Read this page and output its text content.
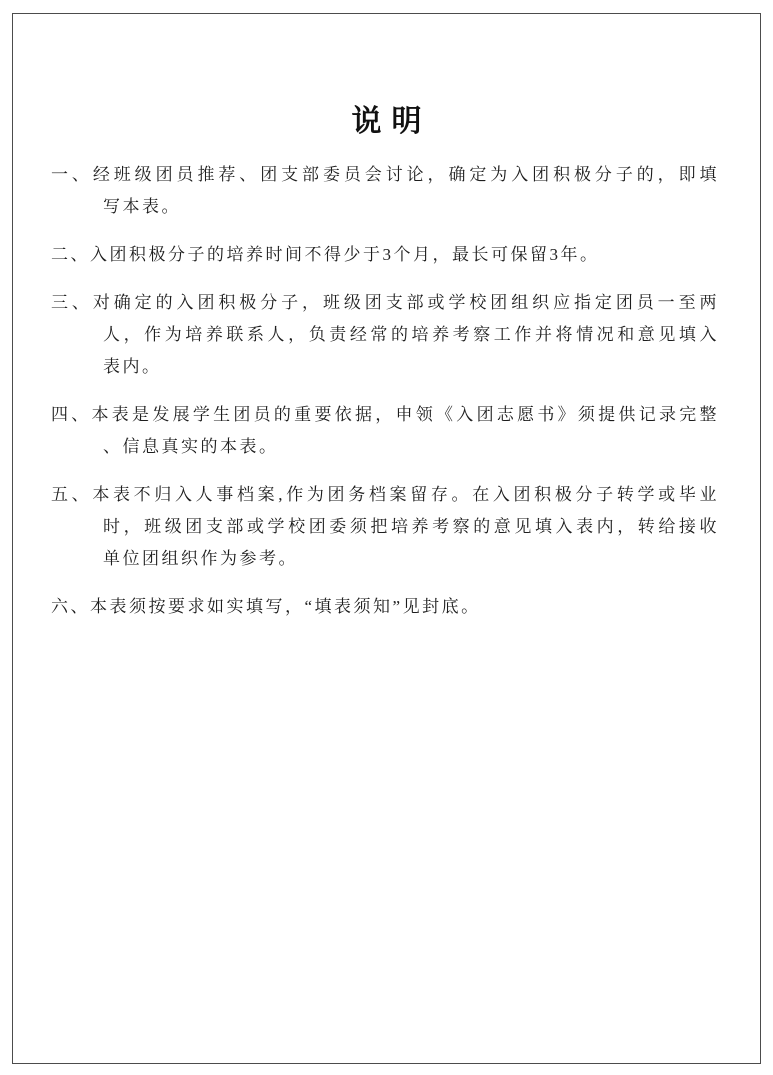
说明
一、经班级团员推荐、团支部委员会讨论，确定为入团积极分子的，即填
写本表。
二、入团积极分子的培养时间不得少于3个月，最长可保留3年。
三、对确定的入团积极分子，班级团支部或学校团组织应指定团员一至两
人，作为培养联系人，负责经常的培养考察工作并将情况和意见填入
表内。
四、本表是发展学生团员的重要依据，申领《入团志愿书》须提供记录完整
、信息真实的本表。
五、本表不归入人事档案,作为团务档案留存。在入团积极分子转学或毕业
时，班级团支部或学校团委须把培养考察的意见填入表内，转给接收
单位团组织作为参考。
六、本表须按要求如实填写，“填表须知”见封底。
